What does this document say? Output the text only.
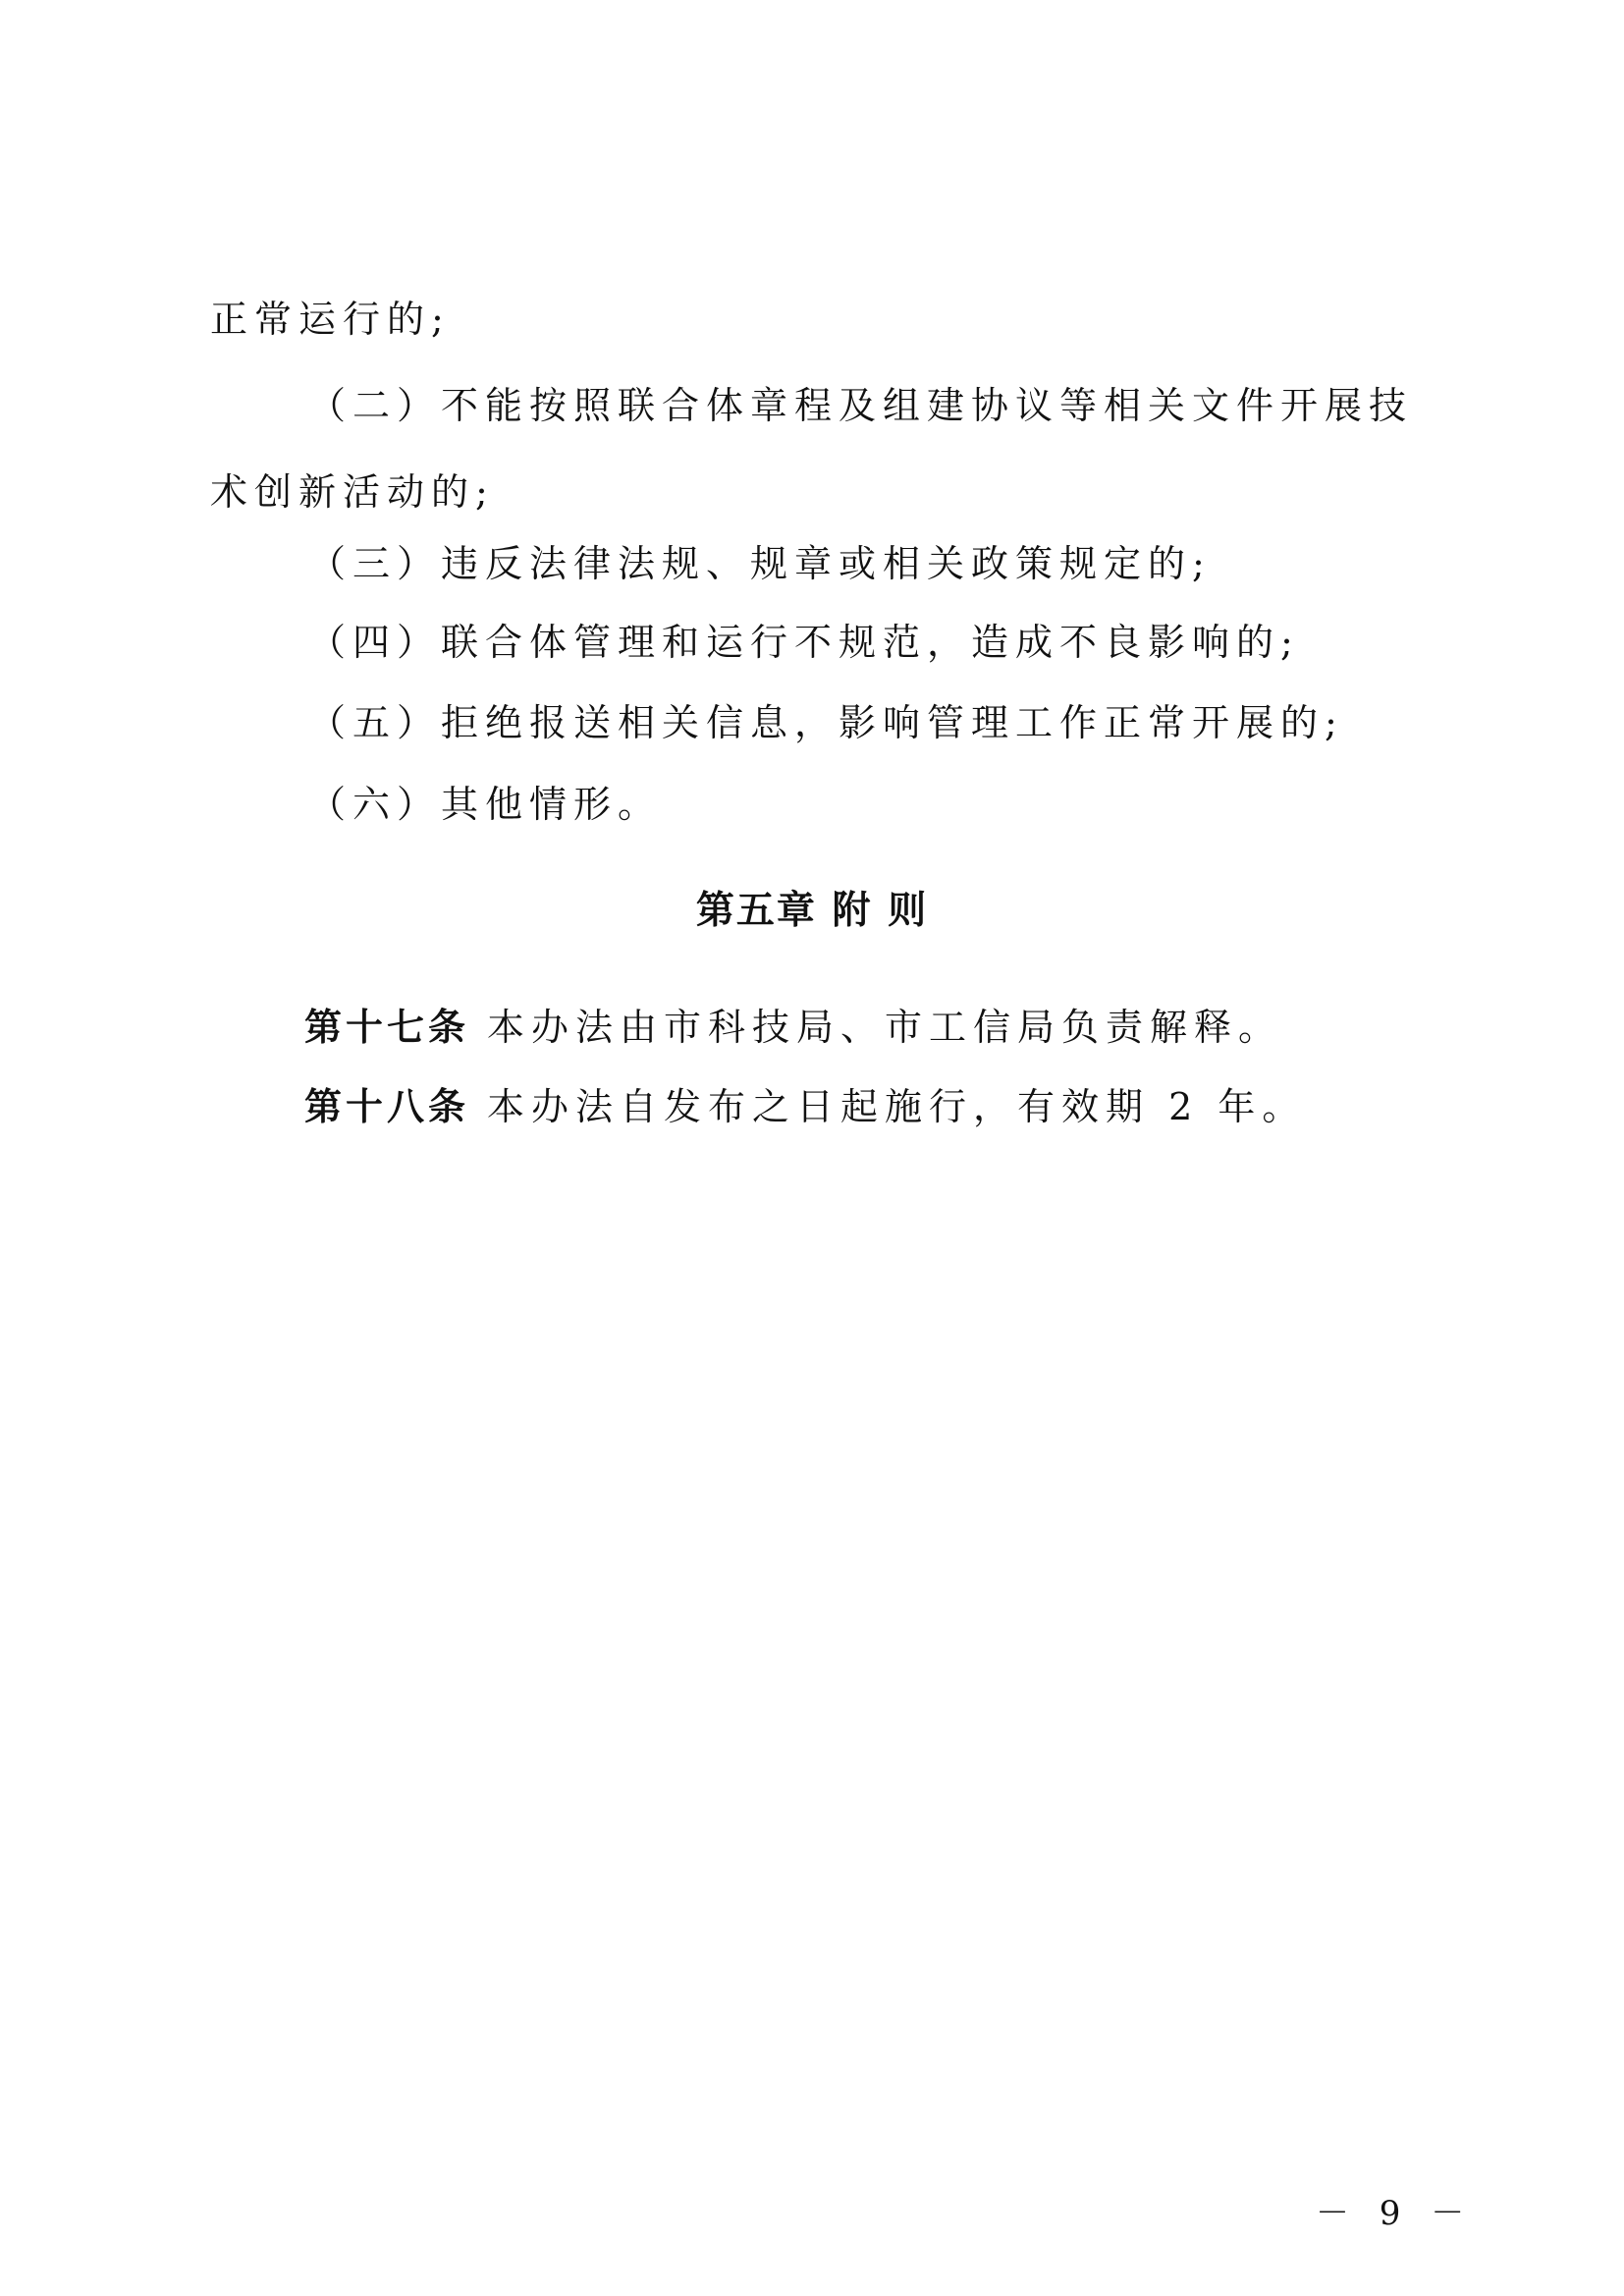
正常运行的;
（二）不能按照联合体章程及组建协议等相关文件开展技
术创新活动的;
（三）违反法律法规、规章或相关政策规定的;
（四）联合体管理和运行不规范，造成不良影响的;
（五）拒绝报送相关信息，影响管理工作正常开展的;
（六）其他情形。
第五章 附 则
第十七条 本办法由市科技局、市工信局负责解释。
第十八条 本办法自发布之日起施行，有效期 2 年。
－ 9 －
